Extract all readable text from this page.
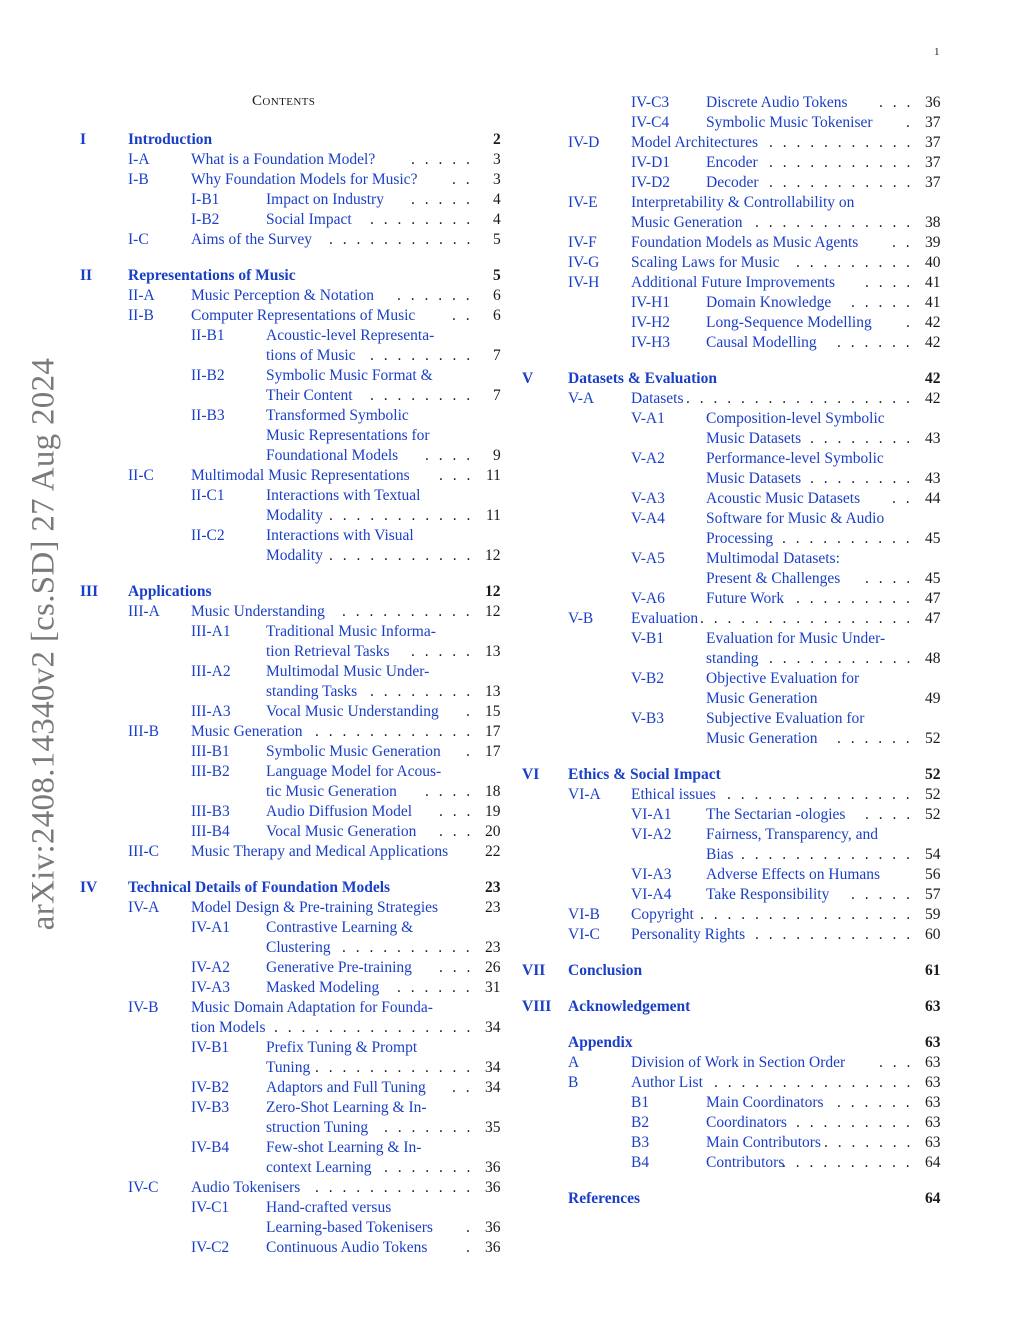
1
arXiv:2408.14340v2 [cs.SD] 27 Aug 2024
Contents
I	Introduction	2
I-A	What is a Foundation Model? . . . . . 3
I-B	Why Foundation Models for Music? . . 3
I-B1	Impact on Industry . . . . . 4
I-B2	Social Impact . . . . . . . . 4
I-C	Aims of the Survey . . . . . . . . . . . 5
II Representations of Music	5
II-A Music Perception & Notation . . . . . . 6
II-B Computer Representations of Music . . 6
II-B1	Acoustic-level Representa-
tions of Music . . . . . . . . 7
II-B2	Symbolic Music Format &
Their Content . . . . . . . . 7
II-B3	Transformed Symbolic
Music Representations for
Foundational Models . . . . 9
II-C Multimodal Music Representations . . . 11
II-C1	Interactions with Textual
Modality . . . . . . . . . . . 11
II-C2	Interactions with Visual
Modality . . . . . . . . . . . 12
III Applications	12
III-A Music Understanding . . . . . . . . . . 12
III-A1 Traditional Music Informa-
tion Retrieval Tasks . . . . . 13
III-A2 Multimodal Music Under-
standing Tasks . . . . . . . . 13
III-A3 Vocal Music Understanding . 15
III-B Music Generation . . . . . . . . . . . . 17
III-B1 Symbolic Music Generation . 17
III-B2 Language Model for Acous-
tic Music Generation . . . . 18
III-B3 Audio Diffusion Model . . . 19
III-B4 Vocal Music Generation . . . 20
III-C Music Therapy and Medical Applications 22
IV Technical Details of Foundation Models	23
IV-A Model Design & Pre-training Strategies	23
IV-A1 Contrastive Learning &
Clustering . . . . . . . . . . 23
IV-A2 Generative Pre-training . . . 26
IV-A3 Masked Modeling . . . . . . 31
IV-B Music Domain Adaptation for Founda-
tion Models . . . . . . . . . . . . . . . 34
IV-B1 Prefix Tuning & Prompt
Tuning . . . . . . . . . . . . 34
IV-B2 Adaptors and Full Tuning . . 34
IV-B3 Zero-Shot Learning & In-
struction Tuning . . . . . . . 35
IV-B4 Few-shot Learning & In-
context Learning . . . . . . . 36
IV-C Audio Tokenisers . . . . . . . . . . . . 36
IV-C1 Hand-crafted versus
Learning-based Tokenisers . 36
IV-C2 Continuous Audio Tokens . 36
IV-C3 Discrete Audio Tokens . . . 36
IV-C4 Symbolic Music Tokeniser . 37
IV-D Model Architectures . . . . . . . . . . . 37
IV-D1 Encoder . . . . . . . . . . . 37
IV-D2 Decoder . . . . . . . . . . . 37
IV-E Interpretability & Controllability on
Music Generation . . . . . . . . . . . . 38
IV-F Foundation Models as Music Agents . . 39
IV-G Scaling Laws for Music . . . . . . . . . 40
IV-H Additional Future Improvements . . . . 41
IV-H1 Domain Knowledge . . . . . 41
IV-H2 Long-Sequence Modelling . 42
IV-H3 Causal Modelling . . . . . . 42
V Datasets & Evaluation	42
V-A Datasets . . . . . . . . . . . . . . . . . 42
V-A1	Composition-level Symbolic
Music Datasets . . . . . . . . 43
V-A2	Performance-level Symbolic
Music Datasets . . . . . . . . 43
V-A3	Acoustic Music Datasets . . 44
V-A4	Software for Music & Audio
Processing . . . . . . . . . . 45
V-A5	Multimodal Datasets:
Present & Challenges . . . . 45
V-A6	Future Work . . . . . . . . . 47
V-B Evaluation . . . . . . . . . . . . . . . . 47
V-B1	Evaluation for Music Under-
standing . . . . . . . . . . . 48
V-B2	Objective Evaluation for
Music Generation	49
V-B3	Subjective Evaluation for
Music Generation . . . . . . 52
VI Ethics & Social Impact	52
VI-A Ethical issues . . . . . . . . . . . . . . 52
VI-A1 The Sectarian -ologies . . . . 52
VI-A2 Fairness, Transparency, and
Bias . . . . . . . . . . . . . 54
VI-A3 Adverse Effects on Humans	56
VI-A4 Take Responsibility . . . . . 57
VI-B Copyright . . . . . . . . . . . . . . . . 59
VI-C Personality Rights . . . . . . . . . . . . 60
VII Conclusion	61
VIII Acknowledgement	63
Appendix	63
A	Division of Work in Section Order . . . 63
B	Author List . . . . . . . . . . . . . . . 63
B1	Main Coordinators . . . . . . 63
B2	Coordinators . . . . . . . . . 63
B3	Main Contributors . . . . . . . 63
B4	Contributors
. . . . . . . . . . 64
References	64
